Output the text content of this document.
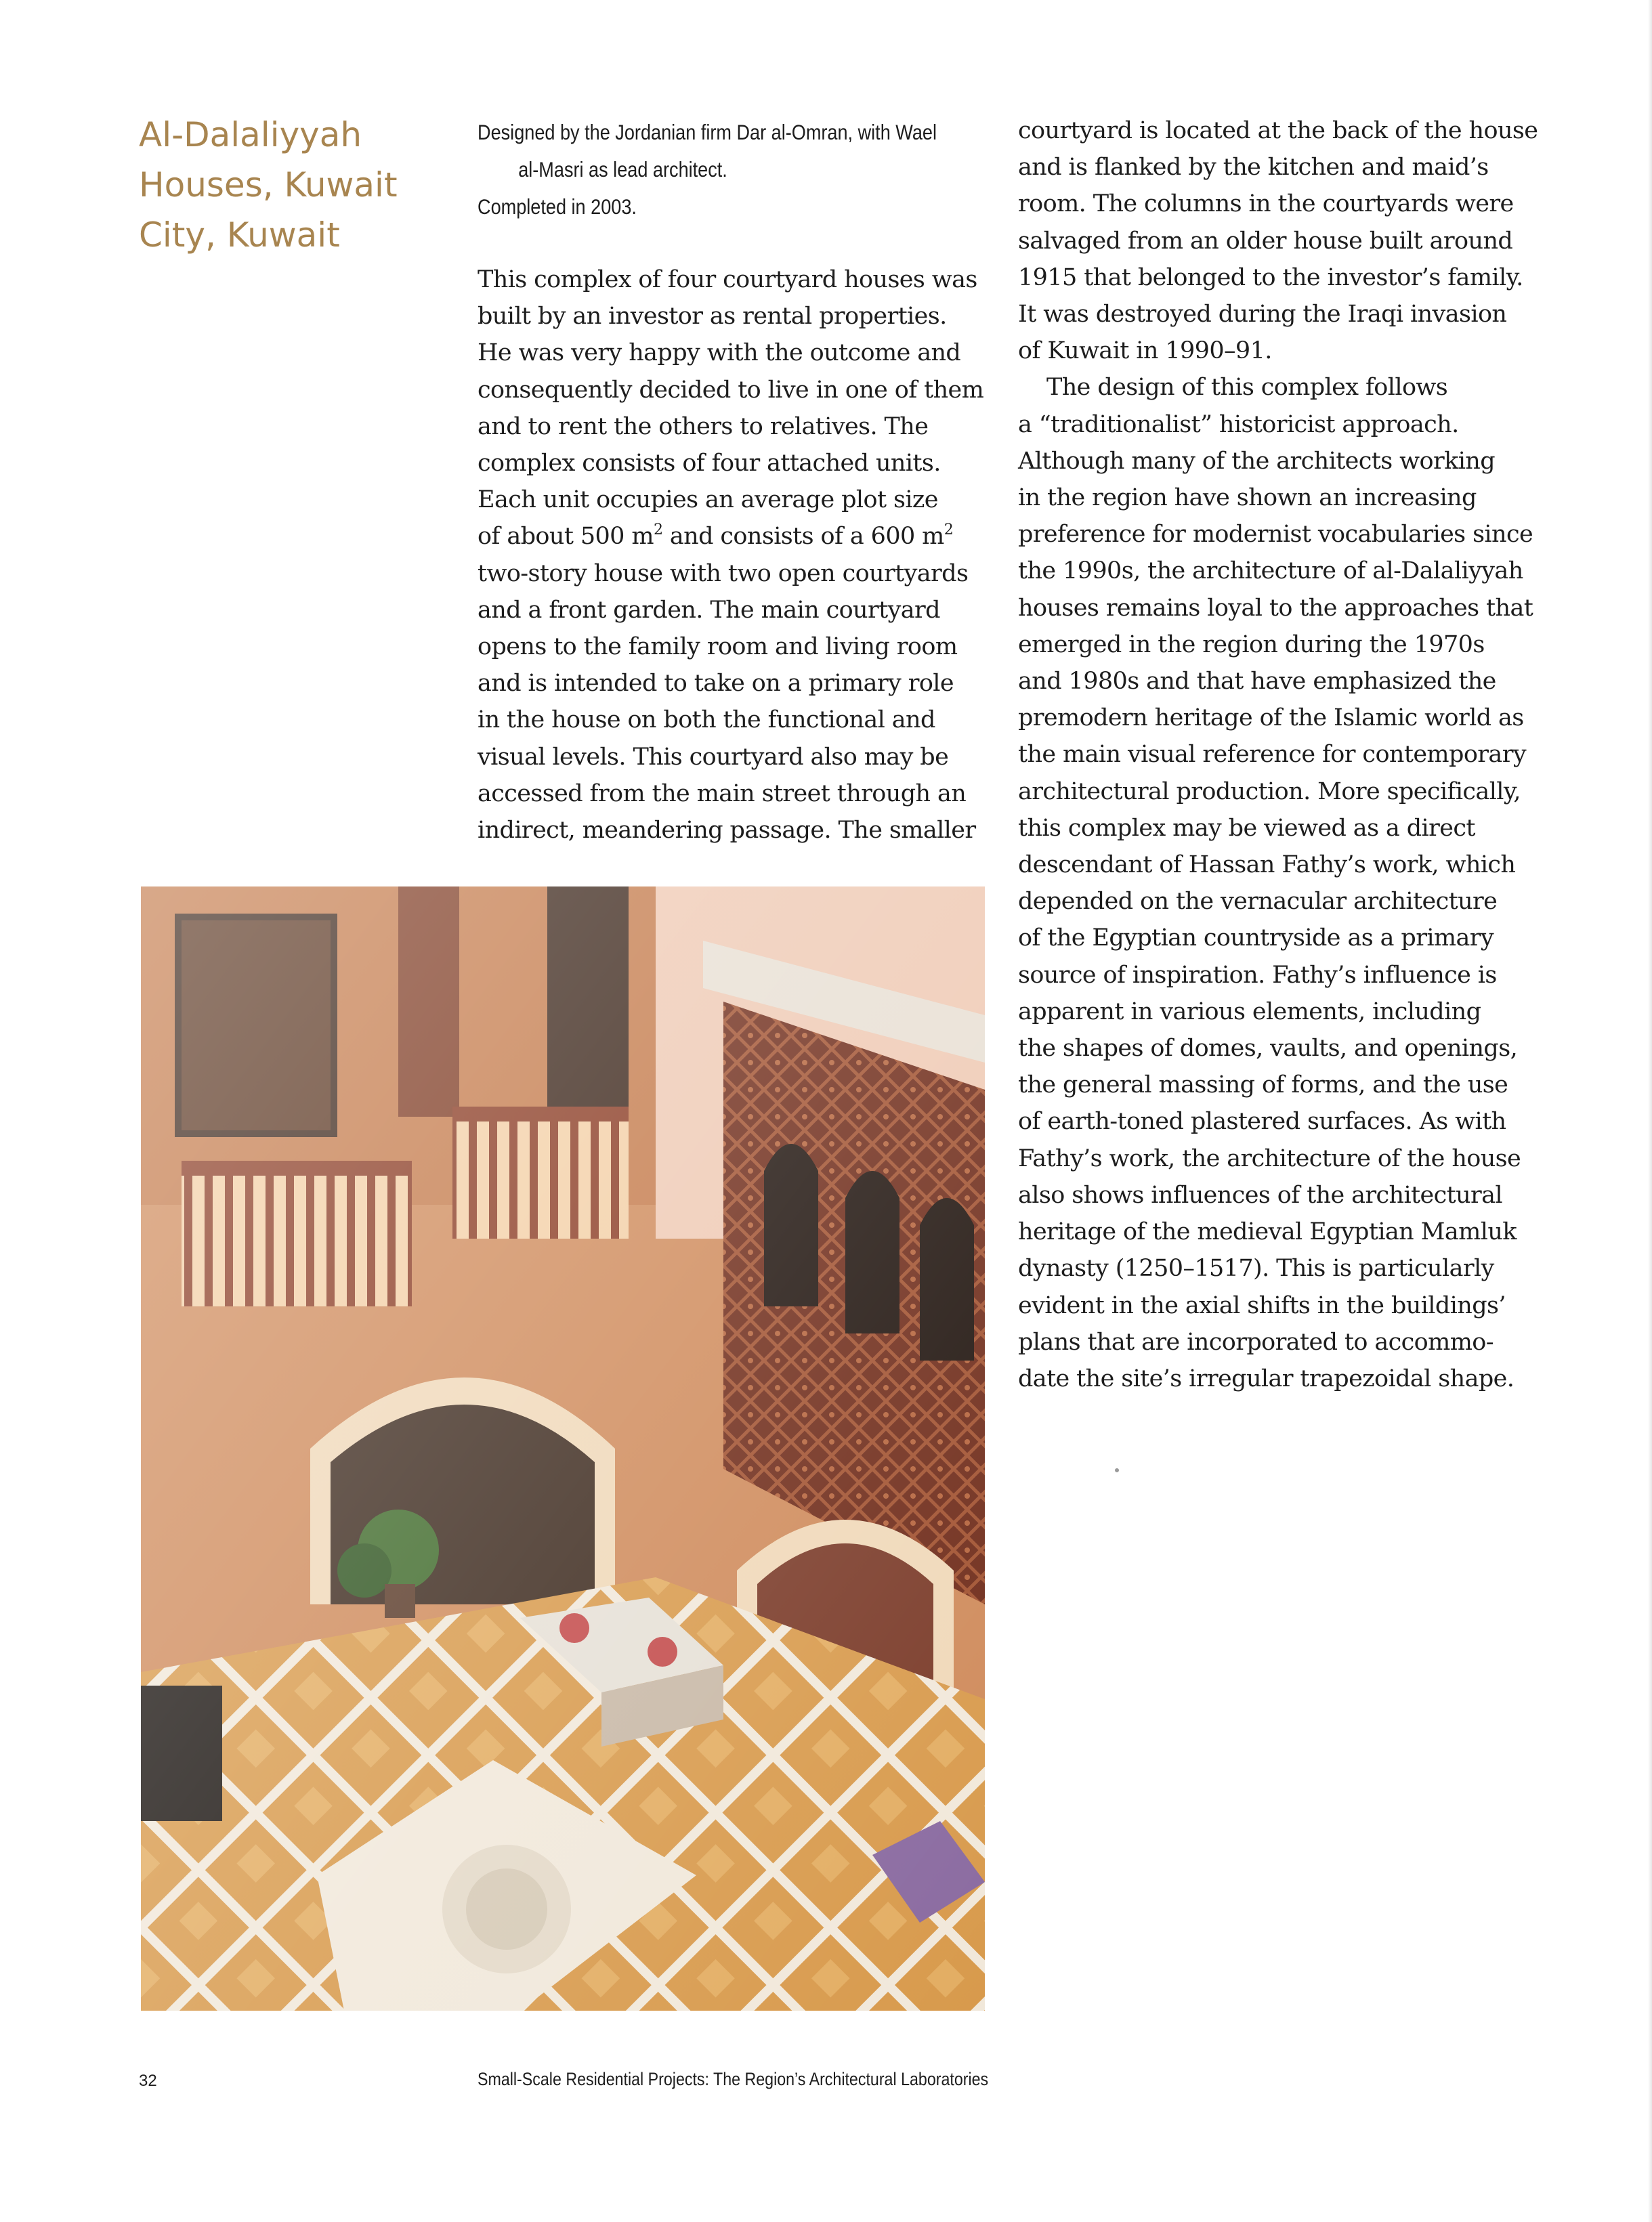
Al-Dalaliyyah
Houses, Kuwait
City, Kuwait
Designed by the Jordanian firm Dar al-Omran, with Wael
al-Masri as lead architect.
Completed in 2003.
This complex of four courtyard houses was
built by an investor as rental properties.
He was very happy with the outcome and
consequently decided to live in one of them
and to rent the others to relatives. The
complex consists of four attached units.
Each unit occupies an average plot size
of about 500 $m^2$ and consists of a 600 $m^2$
two-story house with two open courtyards
and a front garden. The main courtyard
opens to the family room and living room
and is intended to take on a primary role
in the house on both the functional and
visual levels. This courtyard also may be
accessed from the main street through an
indirect, meandering passage. The smaller
courtyard is located at the back of the house
and is flanked by the kitchen and maid’s
room. The columns in the courtyards were
salvaged from an older house built around
1915 that belonged to the investor’s family.
It was destroyed during the Iraqi invasion
of Kuwait in 1990–91.
The design of this complex follows
a “traditionalist” historicist approach.
Although many of the architects working
in the region have shown an increasing
preference for modernist vocabularies since
the 1990s, the architecture of al-Dalaliyyah
houses remains loyal to the approaches that
emerged in the region during the 1970s
and 1980s and that have emphasized the
premodern heritage of the Islamic world as
the main visual reference for contemporary
architectural production. More specifically,
this complex may be viewed as a direct
descendant of Hassan Fathy’s work, which
depended on the vernacular architecture
of the Egyptian countryside as a primary
source of inspiration. Fathy’s influence is
apparent in various elements, including
the shapes of domes, vaults, and openings,
the general massing of forms, and the use
of earth-toned plastered surfaces. As with
Fathy’s work, the architecture of the house
also shows influences of the architectural
heritage of the medieval Egyptian Mamluk
dynasty (1250–1517). This is particularly
evident in the axial shifts in the buildings’
plans that are incorporated to accommo-
date the site’s irregular trapezoidal shape.
32	Small-Scale Residential Projects: The Region’s Architectural Laboratories
